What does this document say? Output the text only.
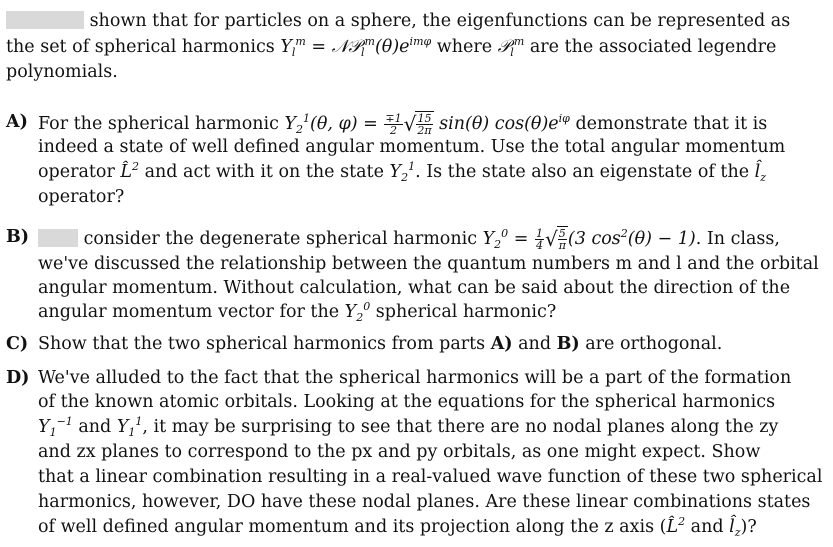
shown that for particles on a sphere, the eigenfunctions can be represented as
the set of spherical harmonics $Y_l^m$ = $𝒩𝒫_l^m(\theta)e^{im\varphi}$ where 𝒫$_l^m$ are the associated legendre
polynomials.
A) For the spherical harmonic $Y_2^1(\theta$, $\varphi) = \frac{\mp 1}{2}$ √ $\frac{15}{2\pi} \sin(\theta)$ $\cos(\theta)e^{i\varphi}$ demonstrate that it is
indeed a state of well defined angular momentum. Use the total angular momentum
operator L̂$^2$ and act with it on the state $Y_2^1$. Is the state also an eigenstate of the $l̂_z$
operator?
B)	consider the degenerate spherical harmonic $Y_2^0 = \frac{1}{4}$ √ $\frac{5}{\pi} (3$ $\cos^2(\theta) - 1$). In class,
we've discussed the relationship between the quantum numbers m and l and the orbital
angular momentum. Without calculation, what can be said about the direction of the
angular momentum vector for the $Y_2^0$ spherical harmonic?
C) Show that the two spherical harmonics from parts A) and B) are orthogonal.
D) We've alluded to the fact that the spherical harmonics will be a part of the formation
of the known atomic orbitals. Looking at the equations for the spherical harmonics
$Y_1^{-1}$ and $Y_1^1$, it may be surprising to see that there are no nodal planes along the zy
and zx planes to correspond to the px and py orbitals, as one might expect. Show
that a linear combination resulting in a real-valued wave function of these two spherical
harmonics, however, DO have these nodal planes. Are these linear combinations states
of well defined angular momentum and its projection along the z axis (L̂$^2$ and $l̂_z$)?
